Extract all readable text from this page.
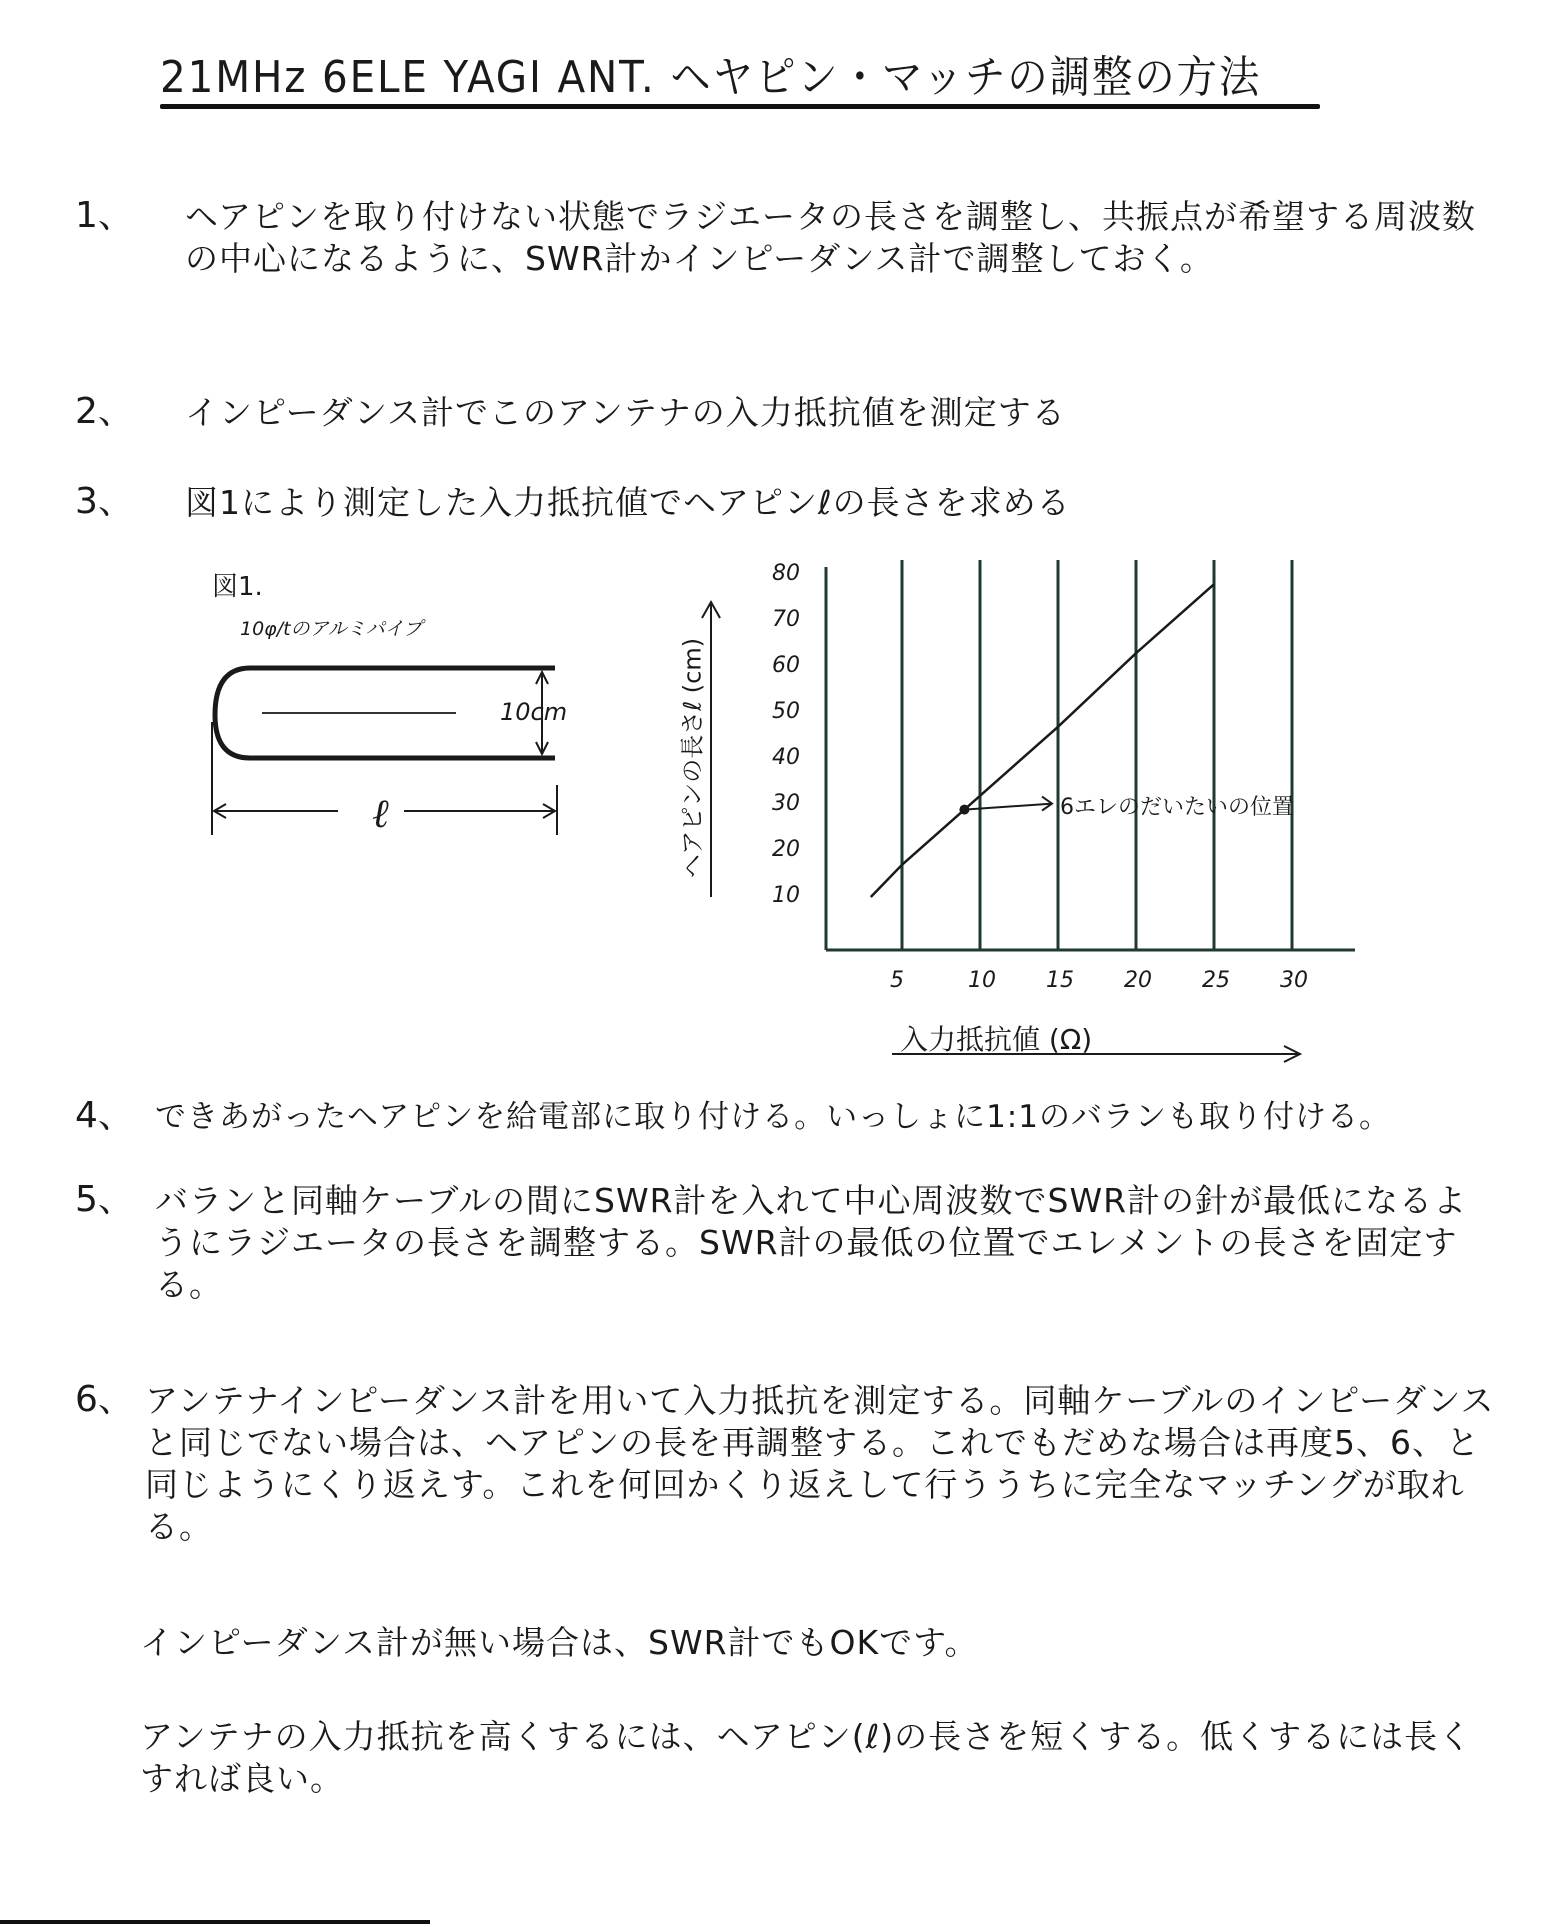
21MHz 6ELE YAGI ANT. ヘヤピン・マッチの調整の方法
1、	ヘアピンを取り付けない状態でラジエータの長さを調整し、共振点が希望する周波数の中心になるように、SWR計かインピーダンス計で調整しておく。
2、	インピーダンス計でこのアンテナの入力抵抗値を測定する
3、	図1により測定した入力抵抗値でヘアピンℓの長さを求める
図1.
10φ/tのアルミパイプ
10cm
ℓ
10
20
30
40
50
60
70
80
5	10 15 20 25 30
ヘアピンの長さℓ (cm)
入力抵抗値 (Ω)
6エレのだいたいの位置
4、 できあがったヘアピンを給電部に取り付ける。いっしょに1:1のバランも取り付ける。
5、 バランと同軸ケーブルの間にSWR計を入れて中心周波数でSWR計の針が最低になるようにラジエータの長さを調整する。SWR計の最低の位置でエレメントの長さを固定する。
6、 アンテナインピーダンス計を用いて入力抵抗を測定する。同軸ケーブルのインピーダンスと同じでない場合は、ヘアピンの長を再調整する。これでもだめな場合は再度5、6、と同じようにくり返えす。これを何回かくり返えして行ううちに完全なマッチングが取れる。
インピーダンス計が無い場合は、SWR計でもOKです。
アンテナの入力抵抗を高くするには、ヘアピン(ℓ)の長さを短くする。低くするには長くすれば良い。
